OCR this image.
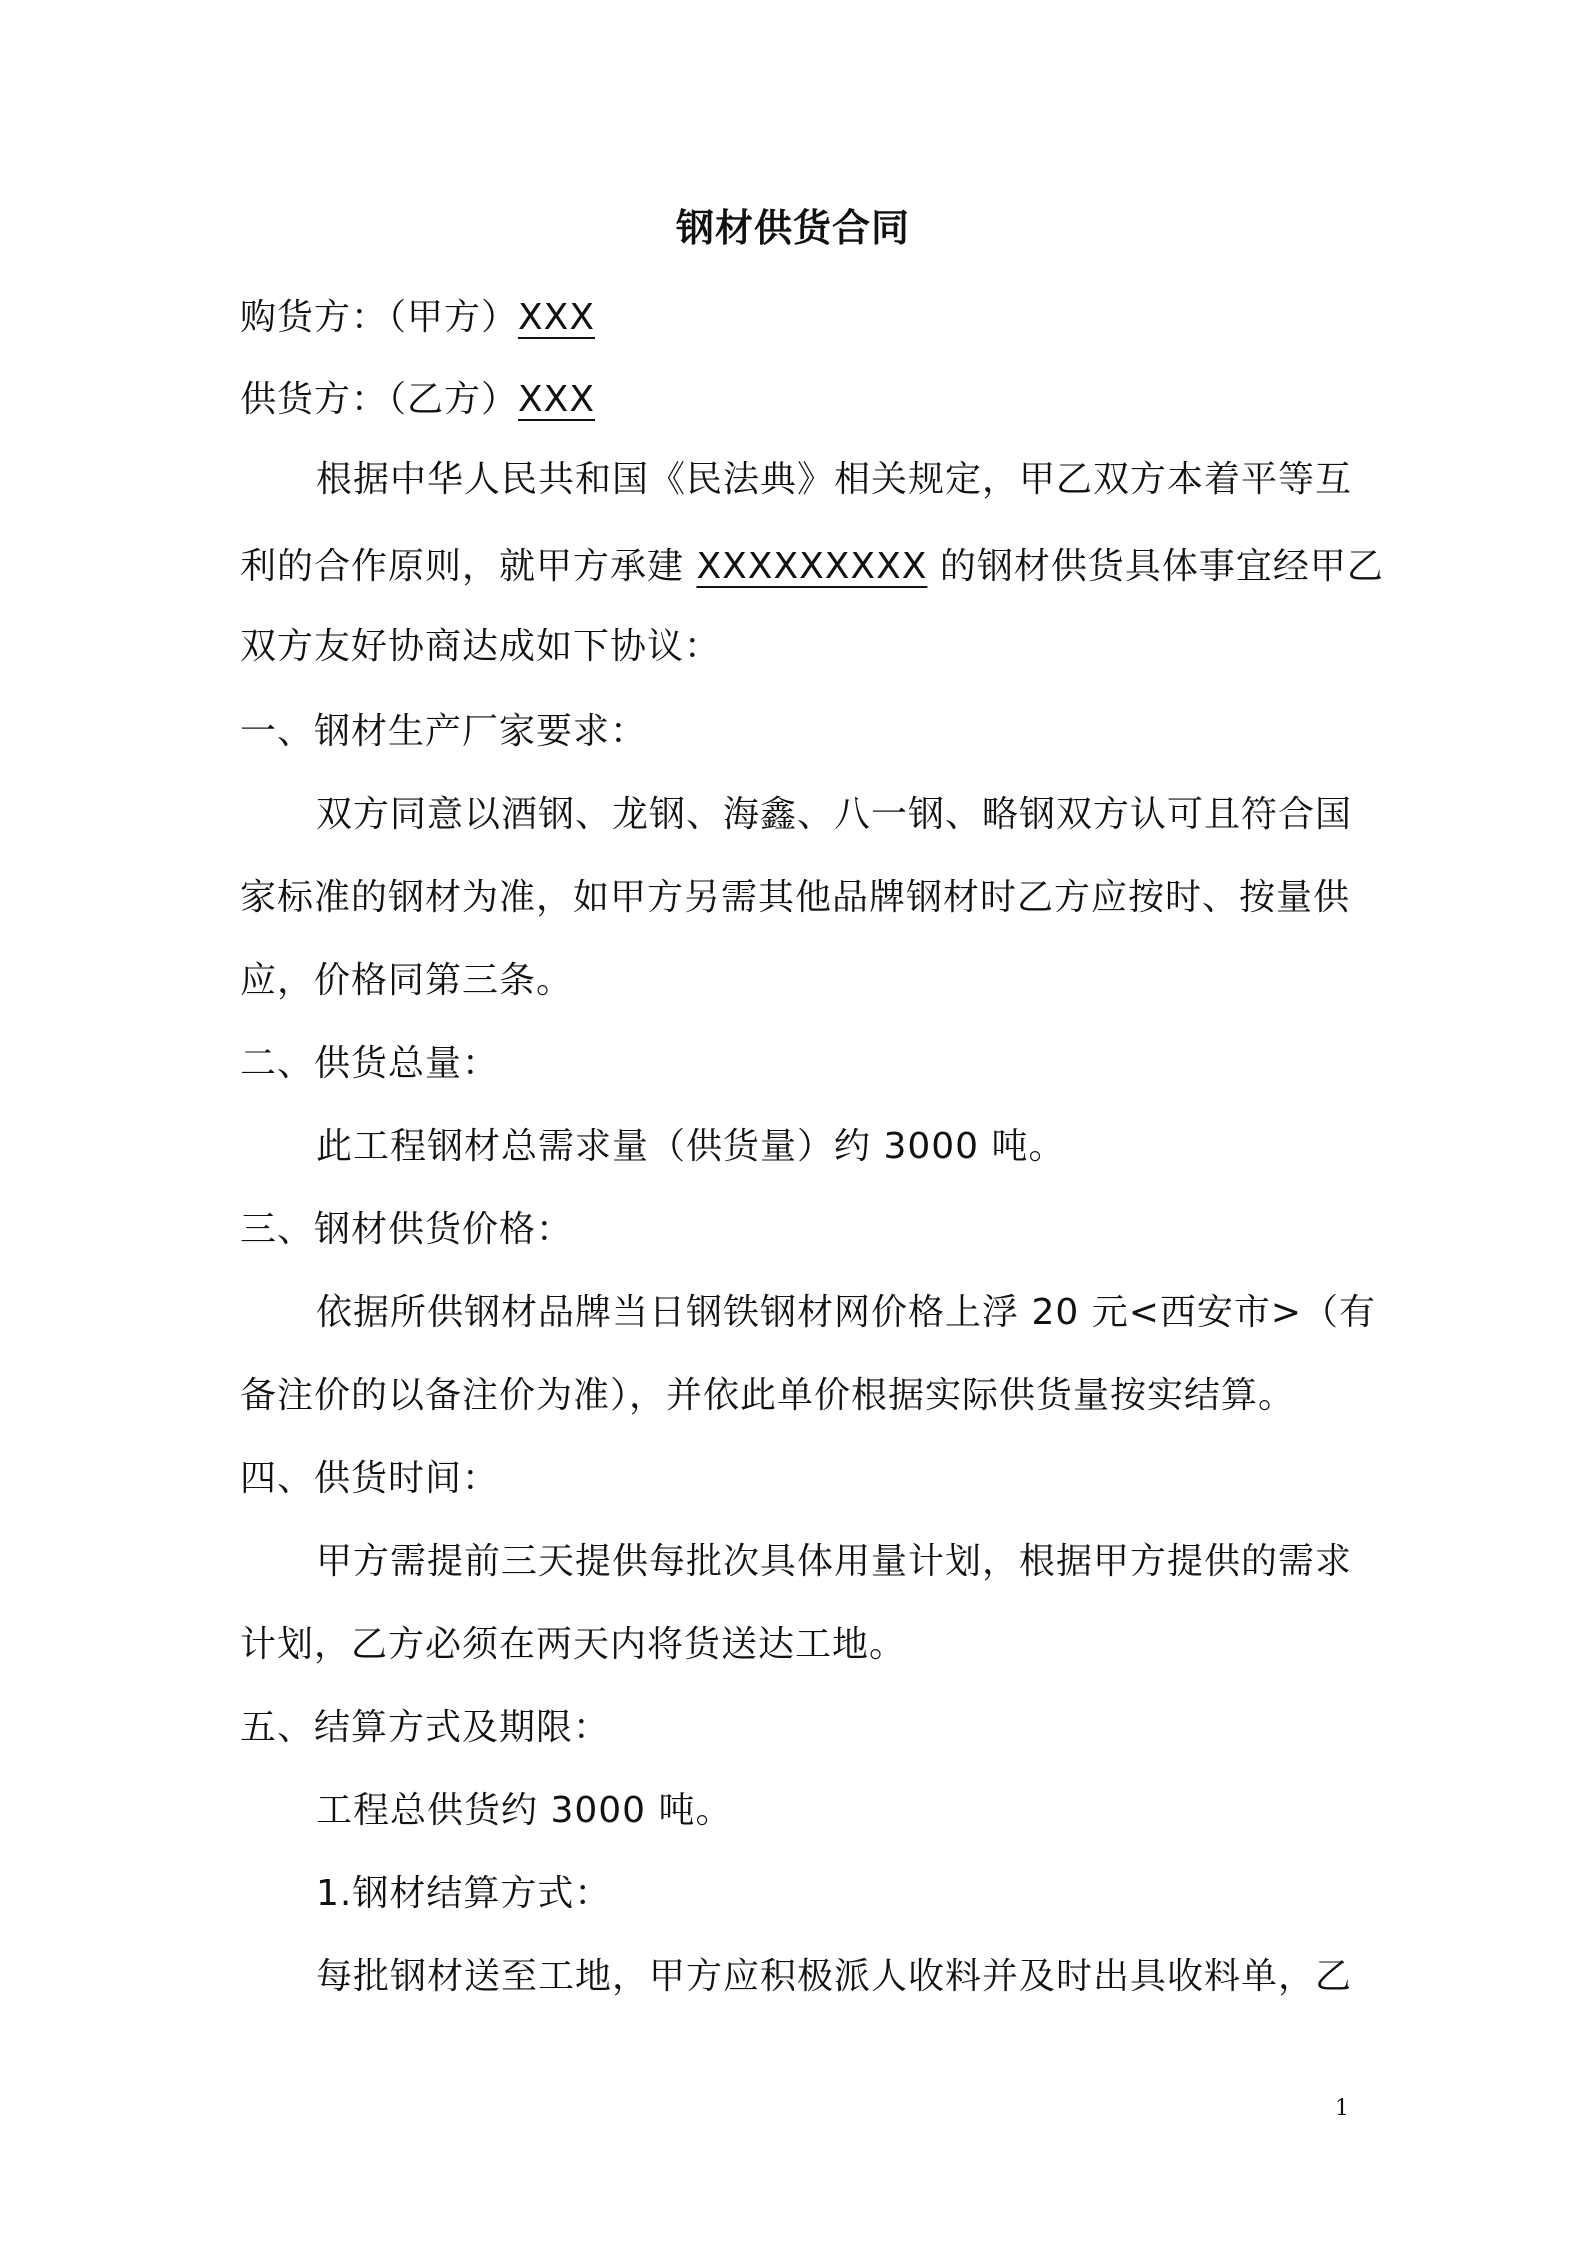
钢材供货合同
购货方：（甲方）XXX
供货方：（乙方）XXX
根据中华人民共和国《民法典》相关规定，甲乙双方本着平等互
利的合作原则，就甲方承建 XXXXXXXXX 的钢材供货具体事宜经甲乙
双方友好协商达成如下协议：
一、钢材生产厂家要求：
双方同意以酒钢、龙钢、海鑫、八一钢、略钢双方认可且符合国
家标准的钢材为准，如甲方另需其他品牌钢材时乙方应按时、按量供
应，价格同第三条。
二、供货总量：
此工程钢材总需求量（供货量）约 3000 吨。
三、钢材供货价格：
依据所供钢材品牌当日钢铁钢材网价格上浮 20 元<西安市>（有
备注价的以备注价为准），并依此单价根据实际供货量按实结算。
四、供货时间：
甲方需提前三天提供每批次具体用量计划，根据甲方提供的需求
计划，乙方必须在两天内将货送达工地。
五、结算方式及期限：
工程总供货约 3000 吨。
1.钢材结算方式：
每批钢材送至工地，甲方应积极派人收料并及时出具收料单，乙
1
